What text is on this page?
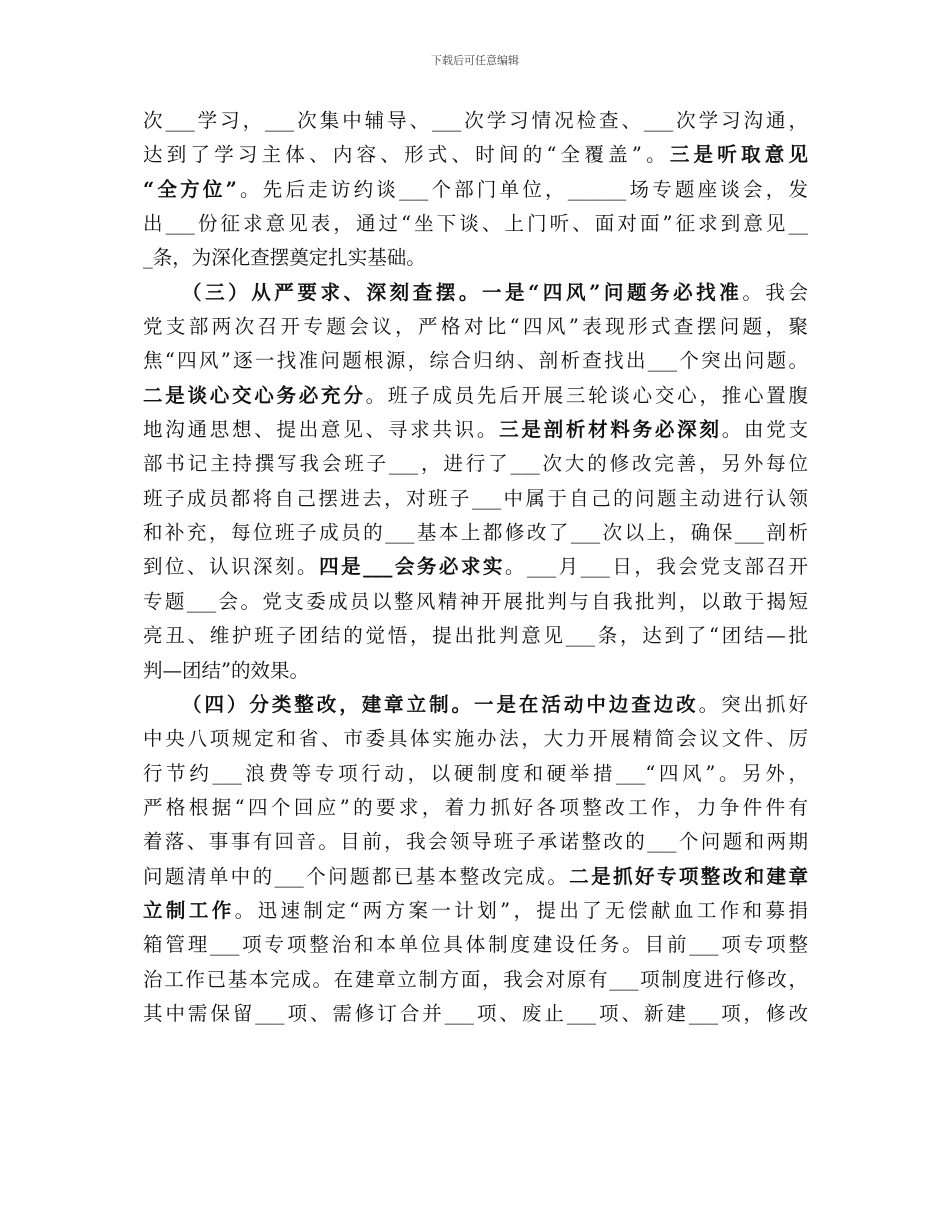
下载后可任意编辑
次___学习，___次集中辅导、___次学习情况检查、___次学习沟通，
达到了学习主体、内容、形式、时间的“全覆盖”。三是听取意见
“全方位”。先后走访约谈___个部门单位，______场专题座谈会，发
出___份征求意见表，通过“坐下谈、上门听、面对面”征求到意见__
_条，为深化查摆奠定扎实基础。
（三）从严要求、深刻查摆。一是“四风”问题务必找准。我会
党支部两次召开专题会议，严格对比“四风”表现形式查摆问题，聚
焦“四风”逐一找准问题根源，综合归纳、剖析查找出___个突出问题。
二是谈心交心务必充分。班子成员先后开展三轮谈心交心，推心置腹
地沟通思想、提出意见、寻求共识。三是剖析材料务必深刻。由党支
部书记主持撰写我会班子___，进行了___次大的修改完善，另外每位
班子成员都将自己摆进去，对班子___中属于自己的问题主动进行认领
和补充，每位班子成员的___基本上都修改了___次以上，确保___剖析
到位、认识深刻。四是___会务必求实。___月___日，我会党支部召开
专题___会。党支委成员以整风精神开展批判与自我批判，以敢于揭短
亮丑、维护班子团结的觉悟，提出批判意见___条，达到了“团结—批
判—团结”的效果。
（四）分类整改，建章立制。一是在活动中边查边改。突出抓好
中央八项规定和省、市委具体实施办法，大力开展精简会议文件、厉
行节约___浪费等专项行动，以硬制度和硬举措___“四风”。另外，
严格根据“四个回应”的要求，着力抓好各项整改工作，力争件件有
着落、事事有回音。目前，我会领导班子承诺整改的___个问题和两期
问题清单中的___个问题都已基本整改完成。二是抓好专项整改和建章
立制工作。迅速制定“两方案一计划”，提出了无偿献血工作和募捐
箱管理___项专项整治和本单位具体制度建设任务。目前___项专项整
治工作已基本完成。在建章立制方面，我会对原有___项制度进行修改，
其中需保留___项、需修订合并___项、废止___项、新建___项，修改
